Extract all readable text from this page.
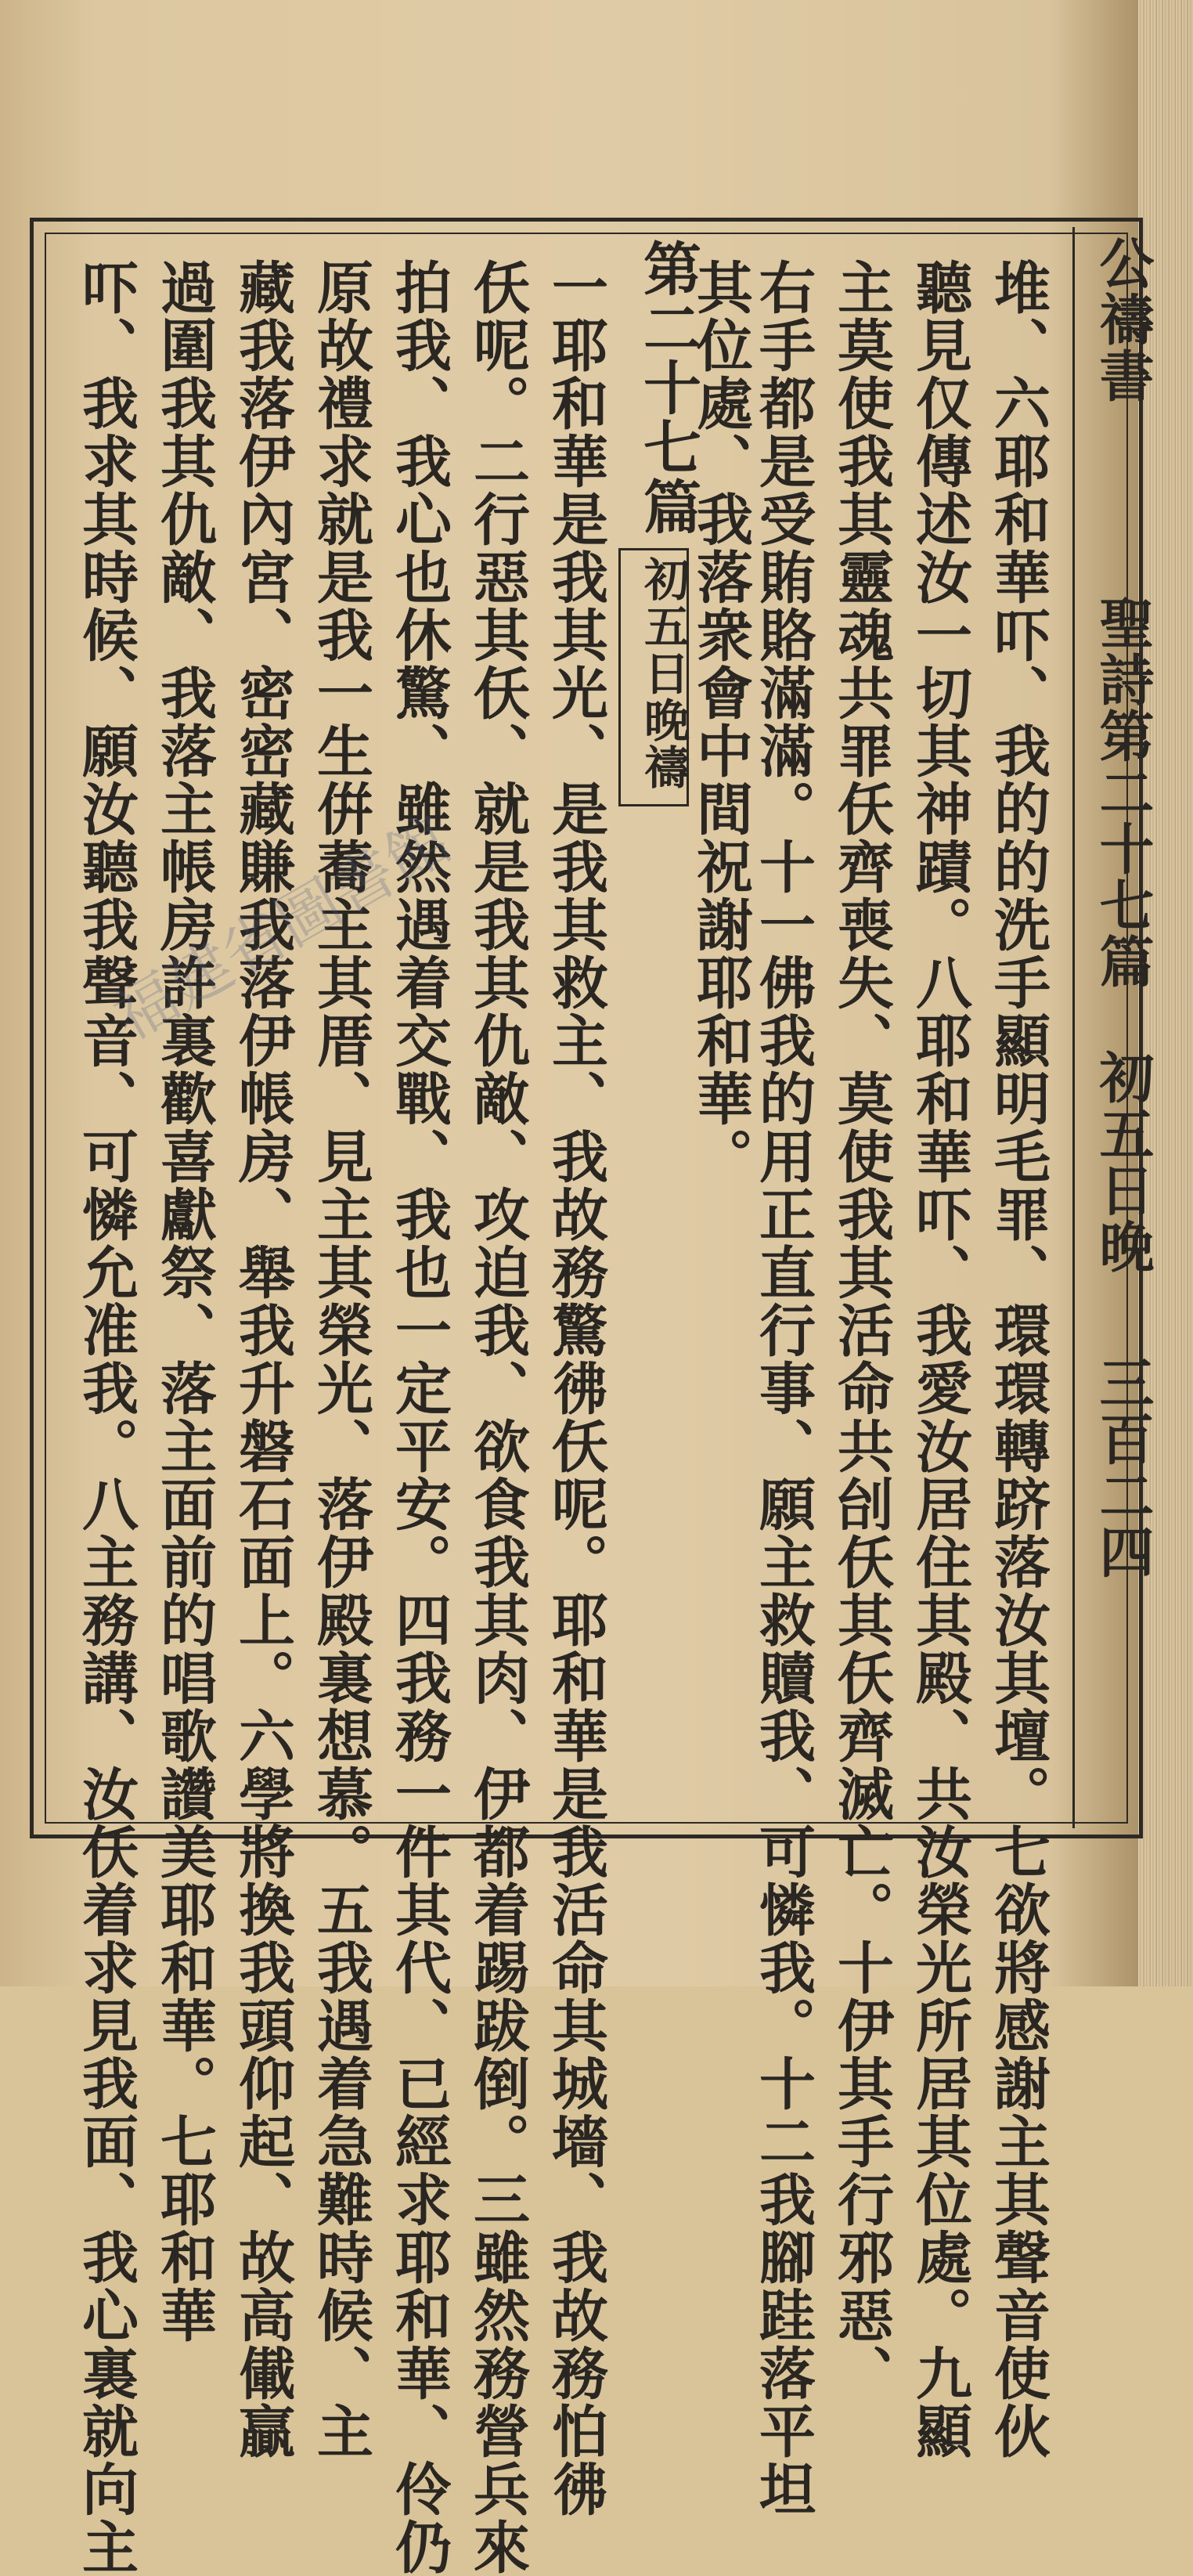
公禱書

聖詩第二十七篇

初五日晚

三百二四

堆、六耶和華吓、我的的洗手顯明毛罪、環環轉跻落汝其壇。七欲將感謝主其聲音使伙

聽見仅傳述汝一切其神蹟。八耶和華吓、我愛汝居住其殿、共汝榮光所居其位處。九顯

主莫使我其靈魂共罪仸齊喪失、莫使我其活命共刣仸其仸齊滅亡。十伊其手行邪惡、

右手都是受賄賂滿滿。十一佛我的用正直行事、願主救贖我、可憐我。十二我腳跬落平坦

其位處、我落衆會中間祝謝耶和華。

第二十七篇

初五日晚禱

一耶和華是我其光、是我其救主、我故務驚彿仸呢。耶和華是我活命其城墻、我故務怕彿

仸呢。二行惡其仸、就是我其仇敵、攻迫我、欲食我其肉、伊都着踢跋倒。三雖然務營兵來

拍我、我心也休驚、雖然遇着交戰、我也一定平安。四我務一件其代、已經求耶和華、伶仍

原故禮求就是我一生倂蕎主其厝、見主其榮光、落伊殿裏想慕。五我遇着急難時候、主

藏我落伊內宮、密密藏賺我落伊帳房、舉我升磐石面上。六學將換我頭仰起、故高儎贏

過圍我其仇敵、我落主帳房許裏歡喜獻祭、落主面前的唱歌讚美耶和華。七耶和華

吓、我求其時候、願汝聽我聲音、可憐允准我。八主務講、汝仸着求見我面、我心裏就向主

福建省圖書館
